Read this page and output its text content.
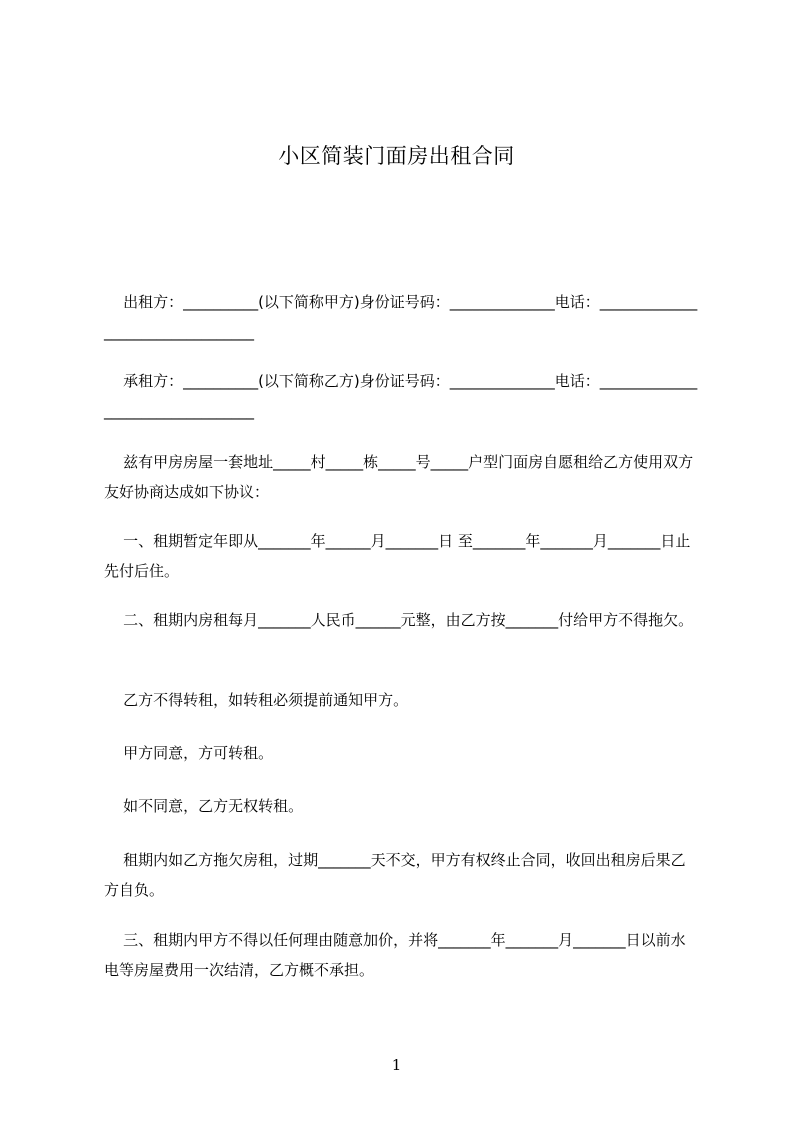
小区简装门面房出租合同

出租方：__________(以下简称甲方)身份证号码：______________电话：_________________________________

承租方：__________(以下简称乙方)身份证号码：______________电话：_________________________________

兹有甲房房屋一套地址_____村_____栋_____号_____户型门面房自愿租给乙方使用双方友好协商达成如下协议：

一、租期暂定年即从_______年______月_______日 至_______年_______月_______日止先付后住。

二、租期内房租每月_______人民币______元整，由乙方按_______付给甲方不得拖欠。

乙方不得转租，如转租必须提前通知甲方。

甲方同意，方可转租。

如不同意，乙方无权转租。

租期内如乙方拖欠房租，过期_______天不交，甲方有权终止合同，收回出租房后果乙方自负。

三、租期内甲方不得以任何理由随意加价，并将_______年_______月_______日以前水电等房屋费用一次结清，乙方概不承担。

1
